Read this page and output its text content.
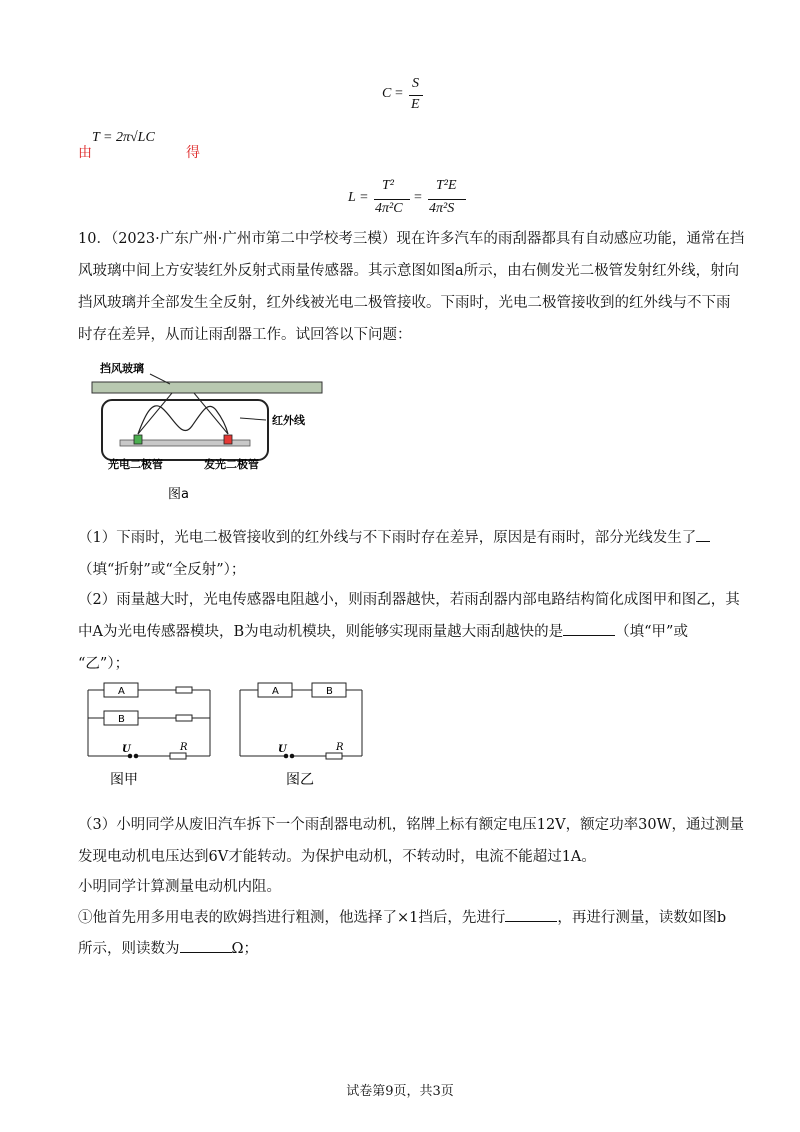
C =
S
E
由
T = 2π√LC
得
L =
T²
4π²C
=
T²E
4π²S
10．（2023·广东广州·广州市第二中学校考三模）现在许多汽车的雨刮器都具有自动感应功能，通常在挡
风玻璃中间上方安装红外反射式雨量传感器。其示意图如图a所示，由右侧发光二极管发射红外线，射向
挡风玻璃并全部发生全反射，红外线被光电二极管接收。下雨时，光电二极管接收到的红外线与不下雨
时存在差异，从而让雨刮器工作。试回答以下问题：
挡风玻璃
红外线
光电二极管	发光二极管
图a
（1）下雨时，光电二极管接收到的红外线与不下雨时存在差异，原因是有雨时，部分光线发生了
（填“折射”或“全反射”）；
（2）雨量越大时，光电传感器电阻越小，则雨刮器越快，若雨刮器内部电路结构简化成图甲和图乙，其
中A为光电传感器模块，B为电动机模块，则能够实现雨量越大雨刮越快的是	（填“甲”或
“乙”）；
A
B
U	R
图甲
A	B
U	R
图乙
（3）小明同学从废旧汽车拆下一个雨刮器电动机，铭牌上标有额定电压12V，额定功率30W，通过测量
发现电动机电压达到6V才能转动。为保护电动机，不转动时，电流不能超过1A。
小明同学计算测量电动机内阻。
①他首先用多用电表的欧姆挡进行粗测，他选择了×1挡后，先进行	，再进行测量，读数如图b
所示，则读数为	Ω；
试卷第9页，共3页
